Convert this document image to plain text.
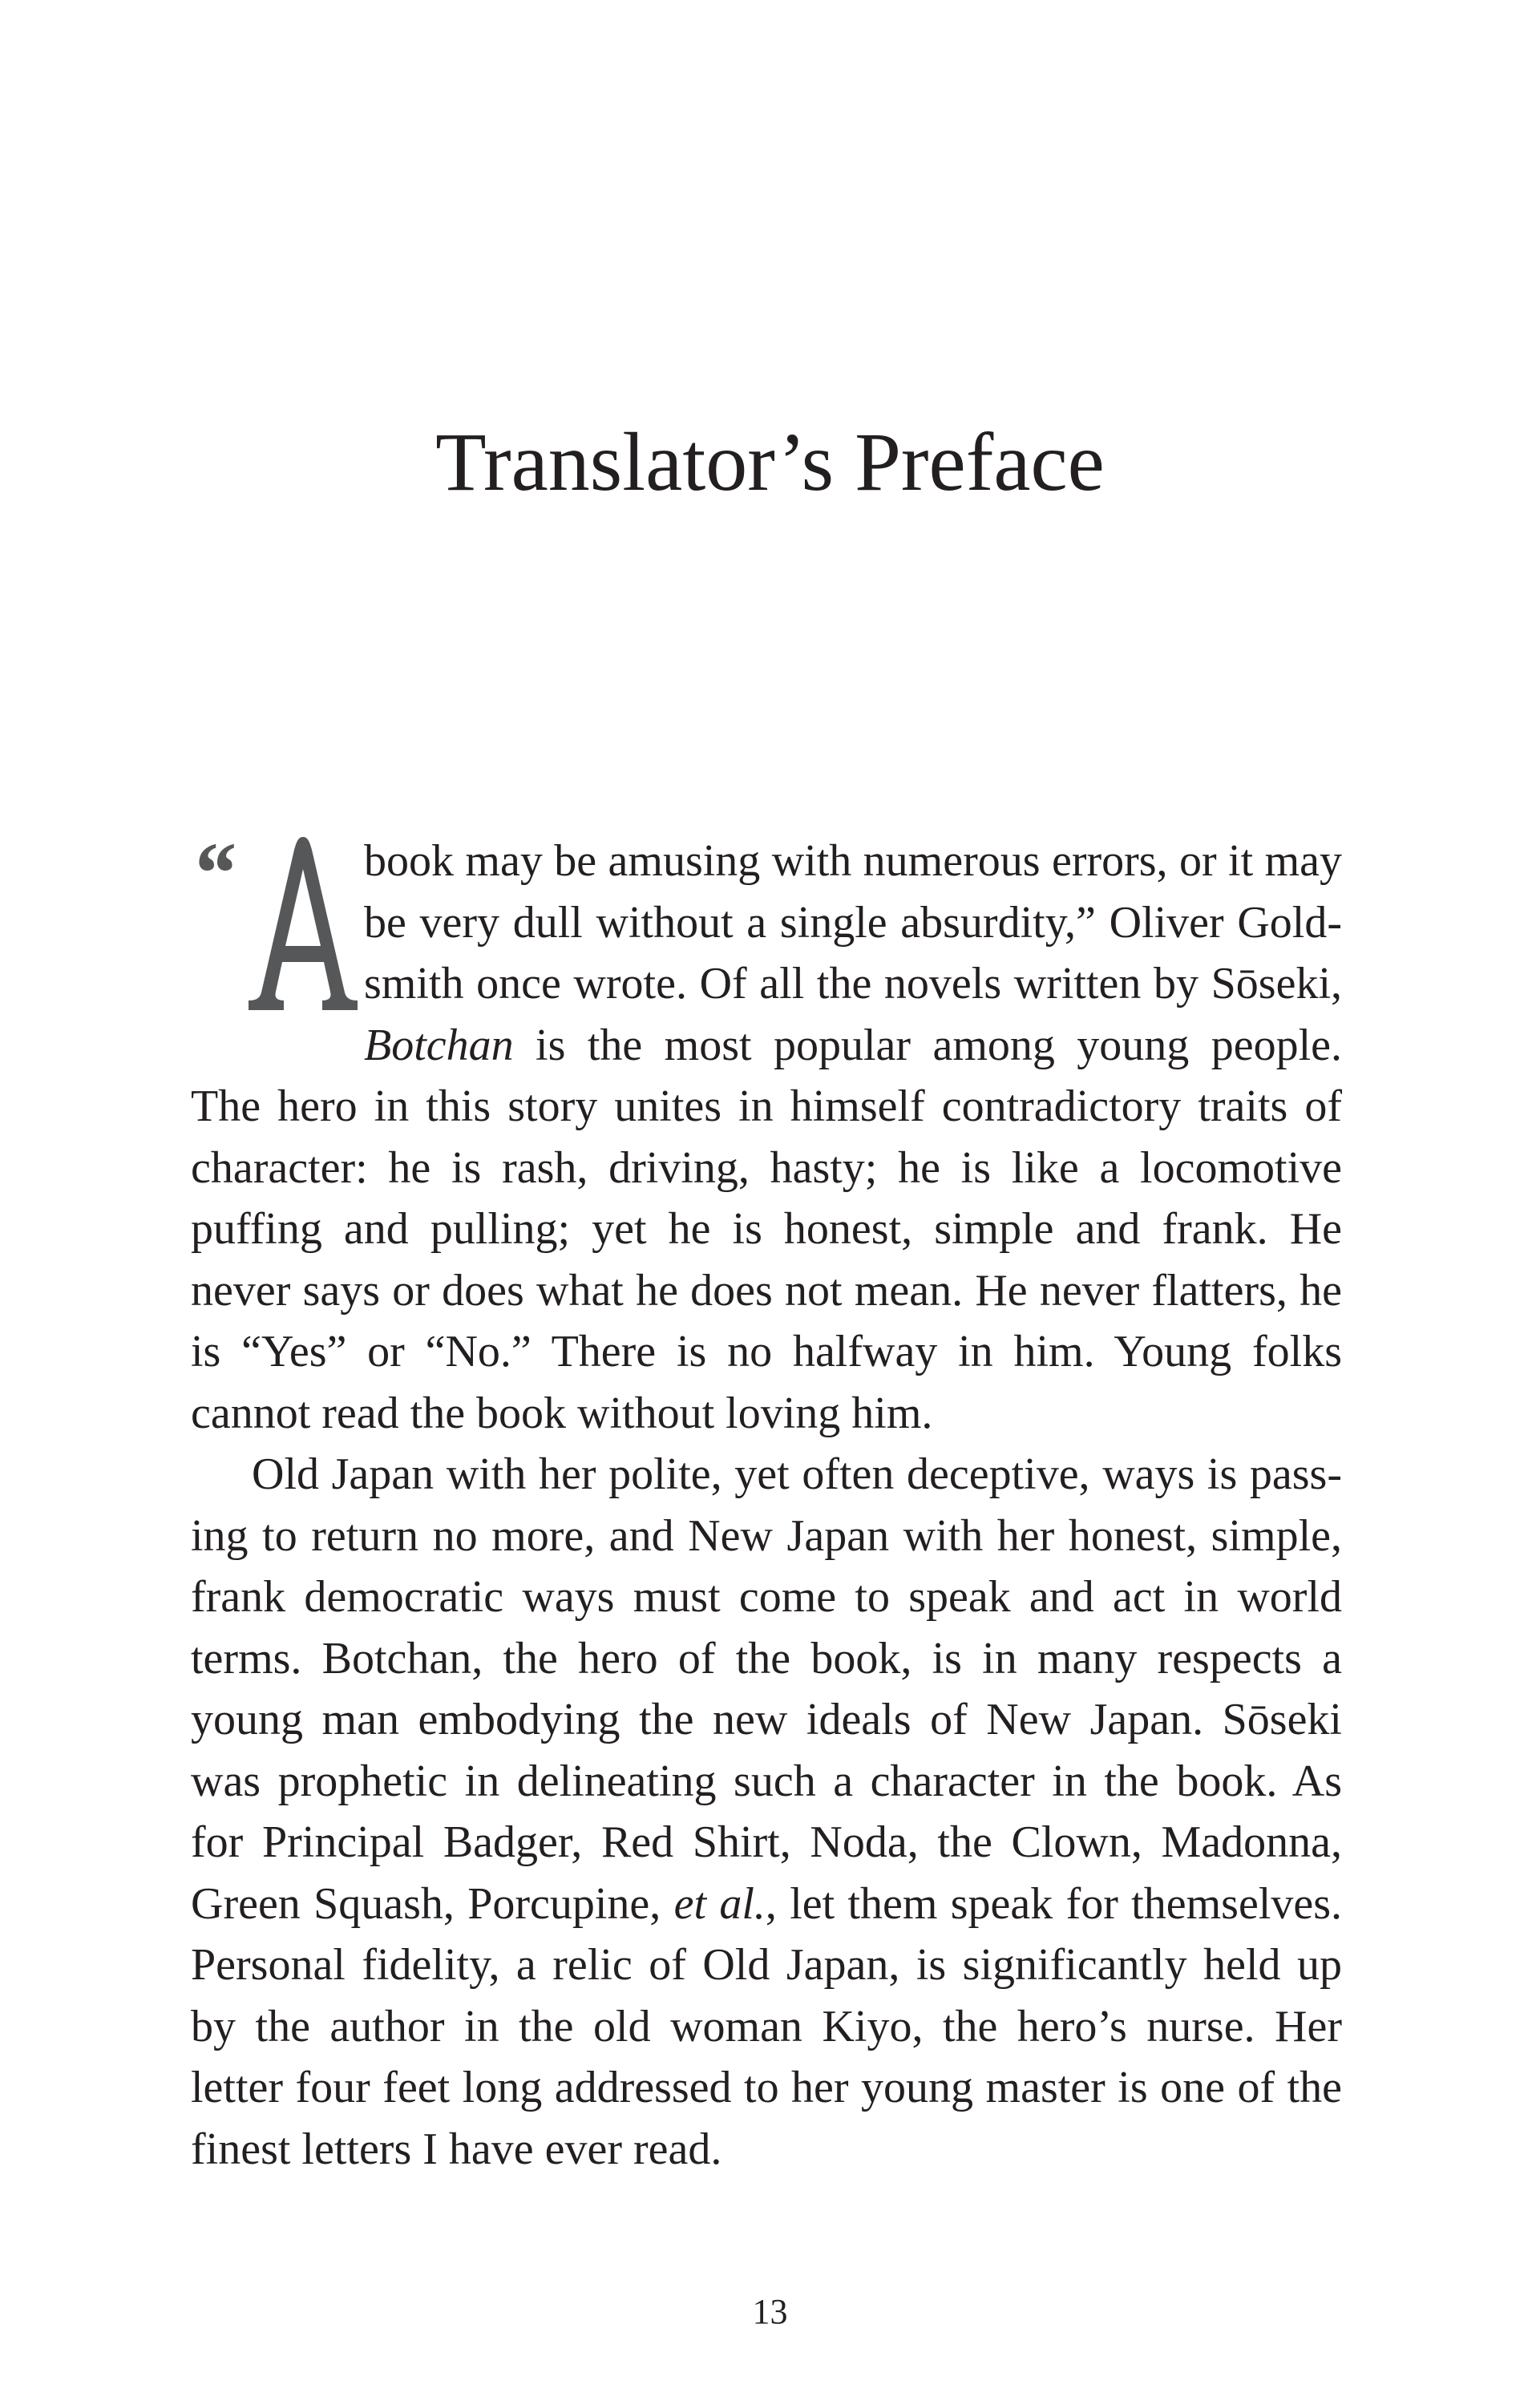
Translator’s Preface

“	book may be amusing with numerous errors, or it may be very dull without a single absurdity,” Oliver Goldsmith once wrote. Of all the novels written by Sōseki, Botchan is the most popular among young people. The hero in this story unites in himself contradictory traits of character: he is rash, driving, hasty; he is like a locomotive puffing and pulling; yet he is honest, simple and frank. He never says or does what he does not mean. He never flatters, he is “Yes” or “No.” There is no halfway in him. Young folks cannot read the book without loving him.

Old Japan with her polite, yet often deceptive, ways is passing to return no more, and New Japan with her honest, simple, frank democratic ways must come to speak and act in world terms. Botchan, the hero of the book, is in many respects a young man embodying the new ideals of New Japan. Sōseki was prophetic in delineating such a character in the book. As for Principal Badger, Red Shirt, Noda, the Clown, Madonna, Green Squash, Porcupine, et al., let them speak for themselves. Personal fidelity, a relic of Old Japan, is significantly held up by the author in the old woman Kiyo, the hero’s nurse. Her letter four feet long addressed to her young master is one of the finest letters I have ever read.

13
